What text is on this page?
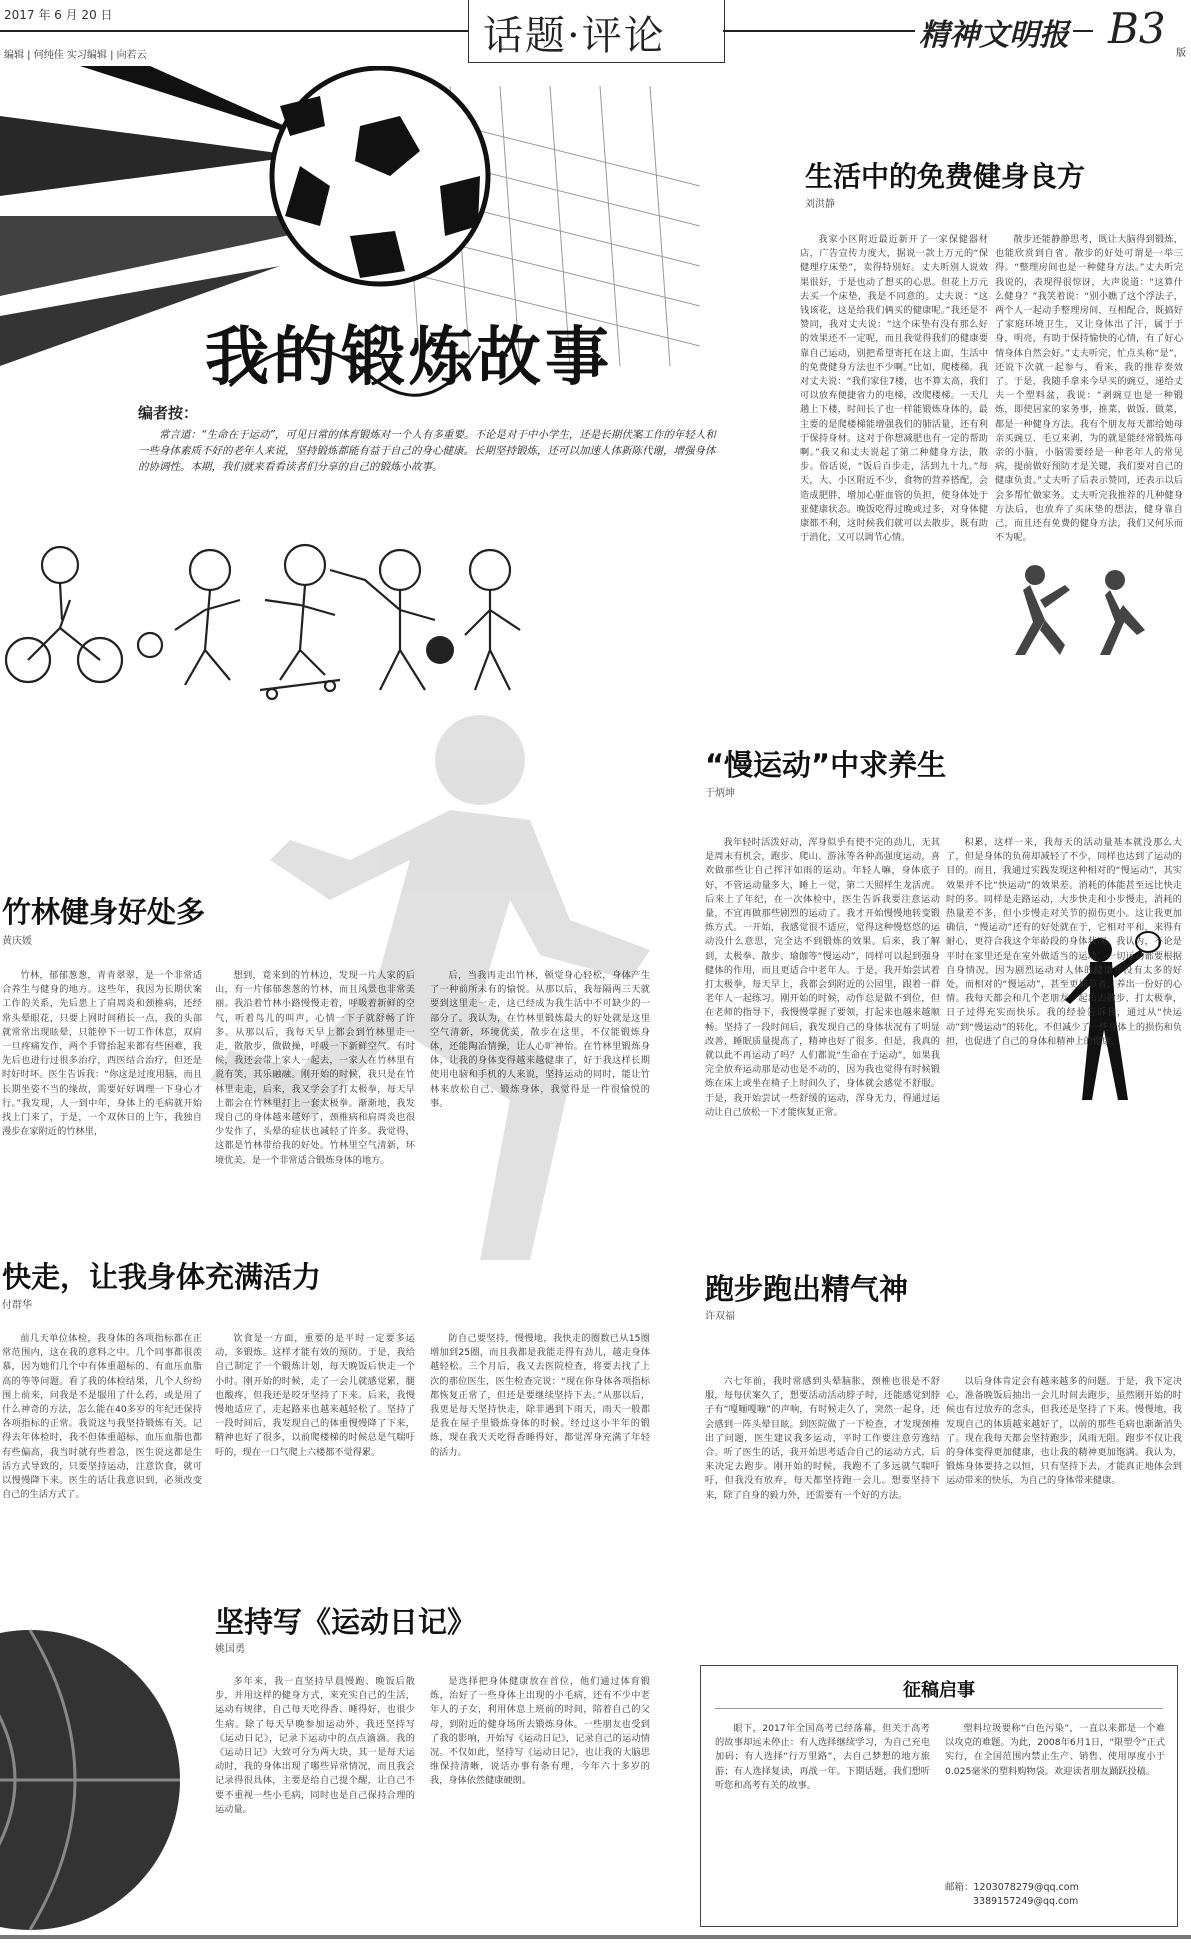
2017 年 6 月 20 日
编辑 | 何纯佳 实习编辑 | 向若云	话题·评论	精神文明报 B3
版
我的锻炼故事
编者按：
常言道：“生命在于运动”，可见日常的体育锻炼对一个人有多重要。不论是对于中小学生，还是长期伏案工作的年轻人和一些身体素质不好的老年人来说，坚持锻炼都能有益于自己的身心健康。长期坚持锻炼，还可以加速人体新陈代谢，增强身体的协调性。本期，我们就来看看读者们分享的自己的锻炼小故事。
生活中的免费健身良方
刘洪静

我家小区附近最近新开了一家保健器材店，广告宣传力度大，据说一款上万元的“保健理疗床垫”，卖得特别好。丈夫听别人说效果很好，于是也动了想买的心思。但花上万元去买一个床垫，我是不同意的。丈夫说：“这钱该花，这是给我们俩买的健康呢。”我还是不赞同，我对丈夫说：“这个床垫有没有那么好的效果还不一定呢，而且我觉得我们的健康要靠自己运动，别把希望寄托在这上面，生活中的免费健身方法也不少啊。”比如，爬楼梯。我对丈夫说：“我们家住7楼，也不算太高，我们可以放弃便捷省力的电梯，改爬楼梯。一天几趟上下楼，时间长了也一样能锻炼身体的，最主要的是爬楼梯能增强我们的肺活量，还有利于保持身材。这对于你想减肥也有一定的帮助啊。”我又和丈夫说起了第二种健身方法，散步。俗话说，“饭后百步走，活到九十九。”每天，大、小区附近不少，食物的营养搭配，会造成肥胖，增加心脏血管的负担，使身体处于亚健康状态。晚饭吃得过晚或过多，对身体健康都不利，这时候我们就可以去散步，既有助于消化，又可以调节心情。

散步还能静静思考，既让大脑得到锻炼，也能欣赏到自省。散步的好处可谓是一举三得。“整理房间也是一种健身方法。”丈夫听完我说的，表现得很惊讶，大声说道：“这算什么健身？”我笑着说：“别小瞧了这个浮法子，两个人一起动手整理房间，互相配合，既搞好了家庭环境卫生，又让身体出了汗，属于于身，明亮，有助于保持愉快的心情，有了好心情身体自然会好。”丈夫听完，忙点头称“是”，还说下次就一起参与，看来，我的推荐奏效了。于是，我随手拿来今早买的豌豆，递给丈夫一个塑料盆，我说：“剥豌豆也是一种锻炼，即使居家的家务事，推菜、做饭、做菜，都是一种健身方法。我有个朋友每天都给她母亲买豌豆、毛豆来剥，为的就是能经常锻炼母亲的小脑，小脑需要经是一种老年人的常见病，提前做好预防才是关键，我们要对自己的健康负责。”丈夫听了后表示赞同，还表示以后会多帮忙做家务。丈夫听完我推荐的几种健身方法后，也放弃了买床垫的想法，健身靠自己，而且还有免费的健身方法，我们又何乐而不为呢。

“慢运动”中求养生
于炳坤

我年轻时活泼好动，浑身似乎有使不完的劲儿，无其是周末有机会，跑步、爬山、游泳等各种高强度运动，喜欢做那些让自己挥汗如雨的运动。年轻人嘛，身体底子好，不管运动量多大，睡上一觉，第二天照样生龙活虎。后来上了年纪，在一次体检中，医生告诉我要注意运动量，不宜再做那些剧烈的运动了。我才开始慢慢地转变锻炼方式。一开始，我感觉很不适应，觉得这种慢悠悠的运动没什么意思，完全达不到锻炼的效果。后来，我了解到，太极拳、散步、瑜伽等“慢运动”，同样可以起到强身健体的作用，而且更适合中老年人。于是，我开始尝试着打太极拳，每天早上，我都会到附近的公园里，跟着一群老年人一起练习。刚开始的时候，动作总是做不到位，但在老师的指导下，我慢慢掌握了要领，打起来也越来越顺畅。坚持了一段时间后，我发现自己的身体状况有了明显改善，睡眠质量提高了，精神也好了很多。但是，我真的就以此不再运动了吗？人们都说“生命在于运动”，如果我完全放弃运动那是动也是不动的，因为我也觉得有时候锻炼在床上或坐在椅子上时间久了，身体就会感觉不舒服。于是，我开始尝试一些舒缓的运动，浑身无力，得通过运动让自己放松一下才能恢复正常。

积累，这样一来，我每天的活动量基本就没那么大了，但是身体的负荷却减轻了不少，同样也达到了运动的目的。而且，我通过实践发现这种相对的“慢运动”，其实效果并不比“快运动”的效果差。消耗的体能甚至远比快走时的多。同样是走路运动，大步快走和小步慢走，消耗的热量差不多，但小步慢走对关节的损伤更小。这让我更加确信，“慢运动”还有的好处就在于，它相对平和，来得有耐心，更符合我这个年龄段的身体状况。我认为，不论是平时在家里还是在室外做适当的运动，一切运动都要根据自身情况，因为剧烈运动对人体的健康并没有太多的好处，而相对的“慢运动”，甚至更加节省，养出一份好的心情。我每天都会和几个老朋友一起出去散步、打太极拳，日子过得充实而快乐。我的经验告诉我，通过从“快运动”到“慢运动”的转化，不但减少了一些身体上的损伤和负担，也促进了自己的身体和精神上的健康。

竹林健身好处多
黄庆媛

竹林，郁郁葱葱，青青翠翠，是一个非常适合养生与健身的地方。这些年，我因为长期伏案工作的关系，先后患上了肩周炎和颈椎病，还经常头晕眼花，只要上网时间稍长一点，我的头部就常常出现眩晕，只能停下一切工作休息，双肩一旦疼痛发作，两个手臂抬起来都有些困难，我先后也进行过很多治疗，西医结合治疗，但还是时好时坏。医生告诉我：“你这是过度用脑，而且长期坐姿不当的缘故，需要好好调理一下身心才行。”我发现，人一到中年，身体上的毛病就开始找上门来了，于是，一个双休日的上午，我独自漫步在家附近的竹林里，

想到，竟来到的竹林边，发现一片人家的后山，有一片郁郁葱葱的竹林，而且风景也非常美丽。我沿着竹林小路慢慢走着，呼吸着新鲜的空气，听着鸟儿的叫声，心情一下子就舒畅了许多。从那以后，我每天早上都会到竹林里走一走，散散步，做做操，呼吸一下新鲜空气。有时候，我还会带上家人一起去，一家人在竹林里有说有笑，其乐融融。刚开始的时候，我只是在竹林里走走，后来，我又学会了打太极拳，每天早上都会在竹林里打上一套太极拳。渐渐地，我发现自己的身体越来越好了，颈椎病和肩周炎也很少发作了，头晕的症状也减轻了许多。我觉得，这都是竹林带给我的好处。竹林里空气清新，环境优美，是一个非常适合锻炼身体的地方。

后，当我再走出竹林，顿觉身心轻松，身体产生了一种前所未有的愉悦。从那以后，我每隔两三天就要到这里走一走，这已经成为我生活中不可缺少的一部分了。我认为，在竹林里锻炼最大的好处就是这里空气清新，环境优美，散步在这里，不仅能锻炼身体，还能陶冶情操，让人心旷神怡。在竹林里锻炼身体，让我的身体变得越来越健康了，好于我这样长期使用电脑和手机的人来说，坚持运动的同时，能让竹林来放松自己、锻炼身体，我觉得是一件很愉悦的事。

快走，让我身体充满活力
付群华

前几天单位体检，我身体的各项指标都在正常范围内，这在我的意料之中。几个同事都很羡慕，因为她们几个中有体重超标的、有血压血脂高的等等问题。看了我的体检结果，几个人纷纷围上前来，问我是不是服用了什么药，或是用了什么神奇的方法，怎么能在40多岁的年纪还保持各项指标的正常。我说这与我坚持锻炼有关。记得去年体检时，我不但体重超标，血压血脂也都有些偏高，我当时就有些着急，医生说这都是生活方式导致的，只要坚持运动，注意饮食，就可以慢慢降下来。医生的话让我意识到，必须改变自己的生活方式了。

饮食是一方面，重要的是平时一定要多运动，多锻炼。这样才能有效的预防。于是，我给自己制定了一个锻炼计划，每天晚饭后快走一个小时。刚开始的时候，走了一会儿就感觉累，腿也酸疼，但我还是咬牙坚持了下来。后来，我慢慢地适应了，走起路来也越来越轻松了。坚持了一段时间后，我发现自己的体重慢慢降了下来，精神也好了很多，以前爬楼梯的时候总是气喘吁吁的，现在一口气爬上六楼都不觉得累。

防自己要坚持，慢慢地，我快走的圈数已从15圈增加到25圈，而且我都是我能走得有劲儿，越走身体越轻松。三个月后，我又去医院检查，将要去找了上次的那位医生，医生检查完说：“现在你身体各项指标都恢复正常了，但还是要继续坚持下去。”从那以后，我更是每天坚持快走，除非遇到下雨天，雨天一般都是我在屋子里锻炼身体的时候。经过这小半年的锻炼，现在我天天吃得香睡得好，都觉浑身充满了年轻的活力。

跑步跑出精气神
许双福

六七年前，我时常感到头晕脑胀，颈椎也很是不舒服，每每伏案久了，想要活动活动脖子时，还能感觉到脖子有“嘎嘣嘎嘣”的声响，有时候走久了，突然一起身，还会感到一阵头晕目眩。到医院做了一下检查，才发现颈椎出了问题，医生建议我多运动，平时工作要注意劳逸结合。听了医生的话，我开始思考适合自己的运动方式，后来决定去跑步。刚开始的时候，我跑不了多远就气喘吁吁，但我没有放弃，每天都坚持跑一会儿。想要坚持下来，除了自身的毅力外，还需要有一个好的方法。

以后身体肯定会有越来越多的问题。于是，我下定决心，准备晚饭后抽出一会儿时间去跑步，虽然刚开始的时候也有过放弃的念头，但我还是坚持了下来。慢慢地，我发现自己的体质越来越好了，以前的那些毛病也渐渐消失了。现在我每天都会坚持跑步，风雨无阻。跑步不仅让我的身体变得更加健康，也让我的精神更加饱满。我认为，锻炼身体要持之以恒，只有坚持下去，才能真正地体会到运动带来的快乐，为自己的身体带来健康。

坚持写《运动日记》
姚国勇

多年来，我一直坚持早晨慢跑、晚饭后散步，并用这样的健身方式，来充实自己的生活，运动有规律，自己每天吃得香、睡得好，也很少生病。除了每天早晚参加运动外，我还坚持写《运动日记》，记录下运动中的点点滴滴。我的《运动日记》大致可分为两大块，其一是每天运动时，我的身体出现了哪些异常情况，而且我会记录得很具体，主要是给自己提个醒，让自己不要不重视一些小毛病，同时也是自己保持合理的运动量。

是选择把身体健康放在首位，他们通过体育锻炼，治好了一些身体上出现的小毛病，还有不少中老年人的子女，利用休息上班前的时间，陪着自己的父母，到附近的健身场所去锻炼身体。一些朋友也受到了我的影响，开始写《运动日记》，记录自己的运动情况。不仅如此，坚持写《运动日记》，也让我的大脑思维保持清晰，说话办事有条有理，今年六十多岁的我，身体依然健康硬朗。

征稿启事

眼下，2017年全国高考已经落幕，但关于高考的故事却远未停止：有人选择继续学习，为自己充电加码；有人选择“行万里路”，去自己梦想的地方旅游；有人选择复读，再战一年。下期话题，我们想听听您和高考有关的故事。

塑料垃圾要称“白色污染”，一直以来都是一个难以攻克的难题。为此，2008年6月1日，“限塑令”正式实行，在全国范围内禁止生产、销售、使用厚度小于0.025毫米的塑料购物袋。欢迎读者朋友踊跃投稿。

邮箱：1203078279@qq.com
3389157249@qq.com
